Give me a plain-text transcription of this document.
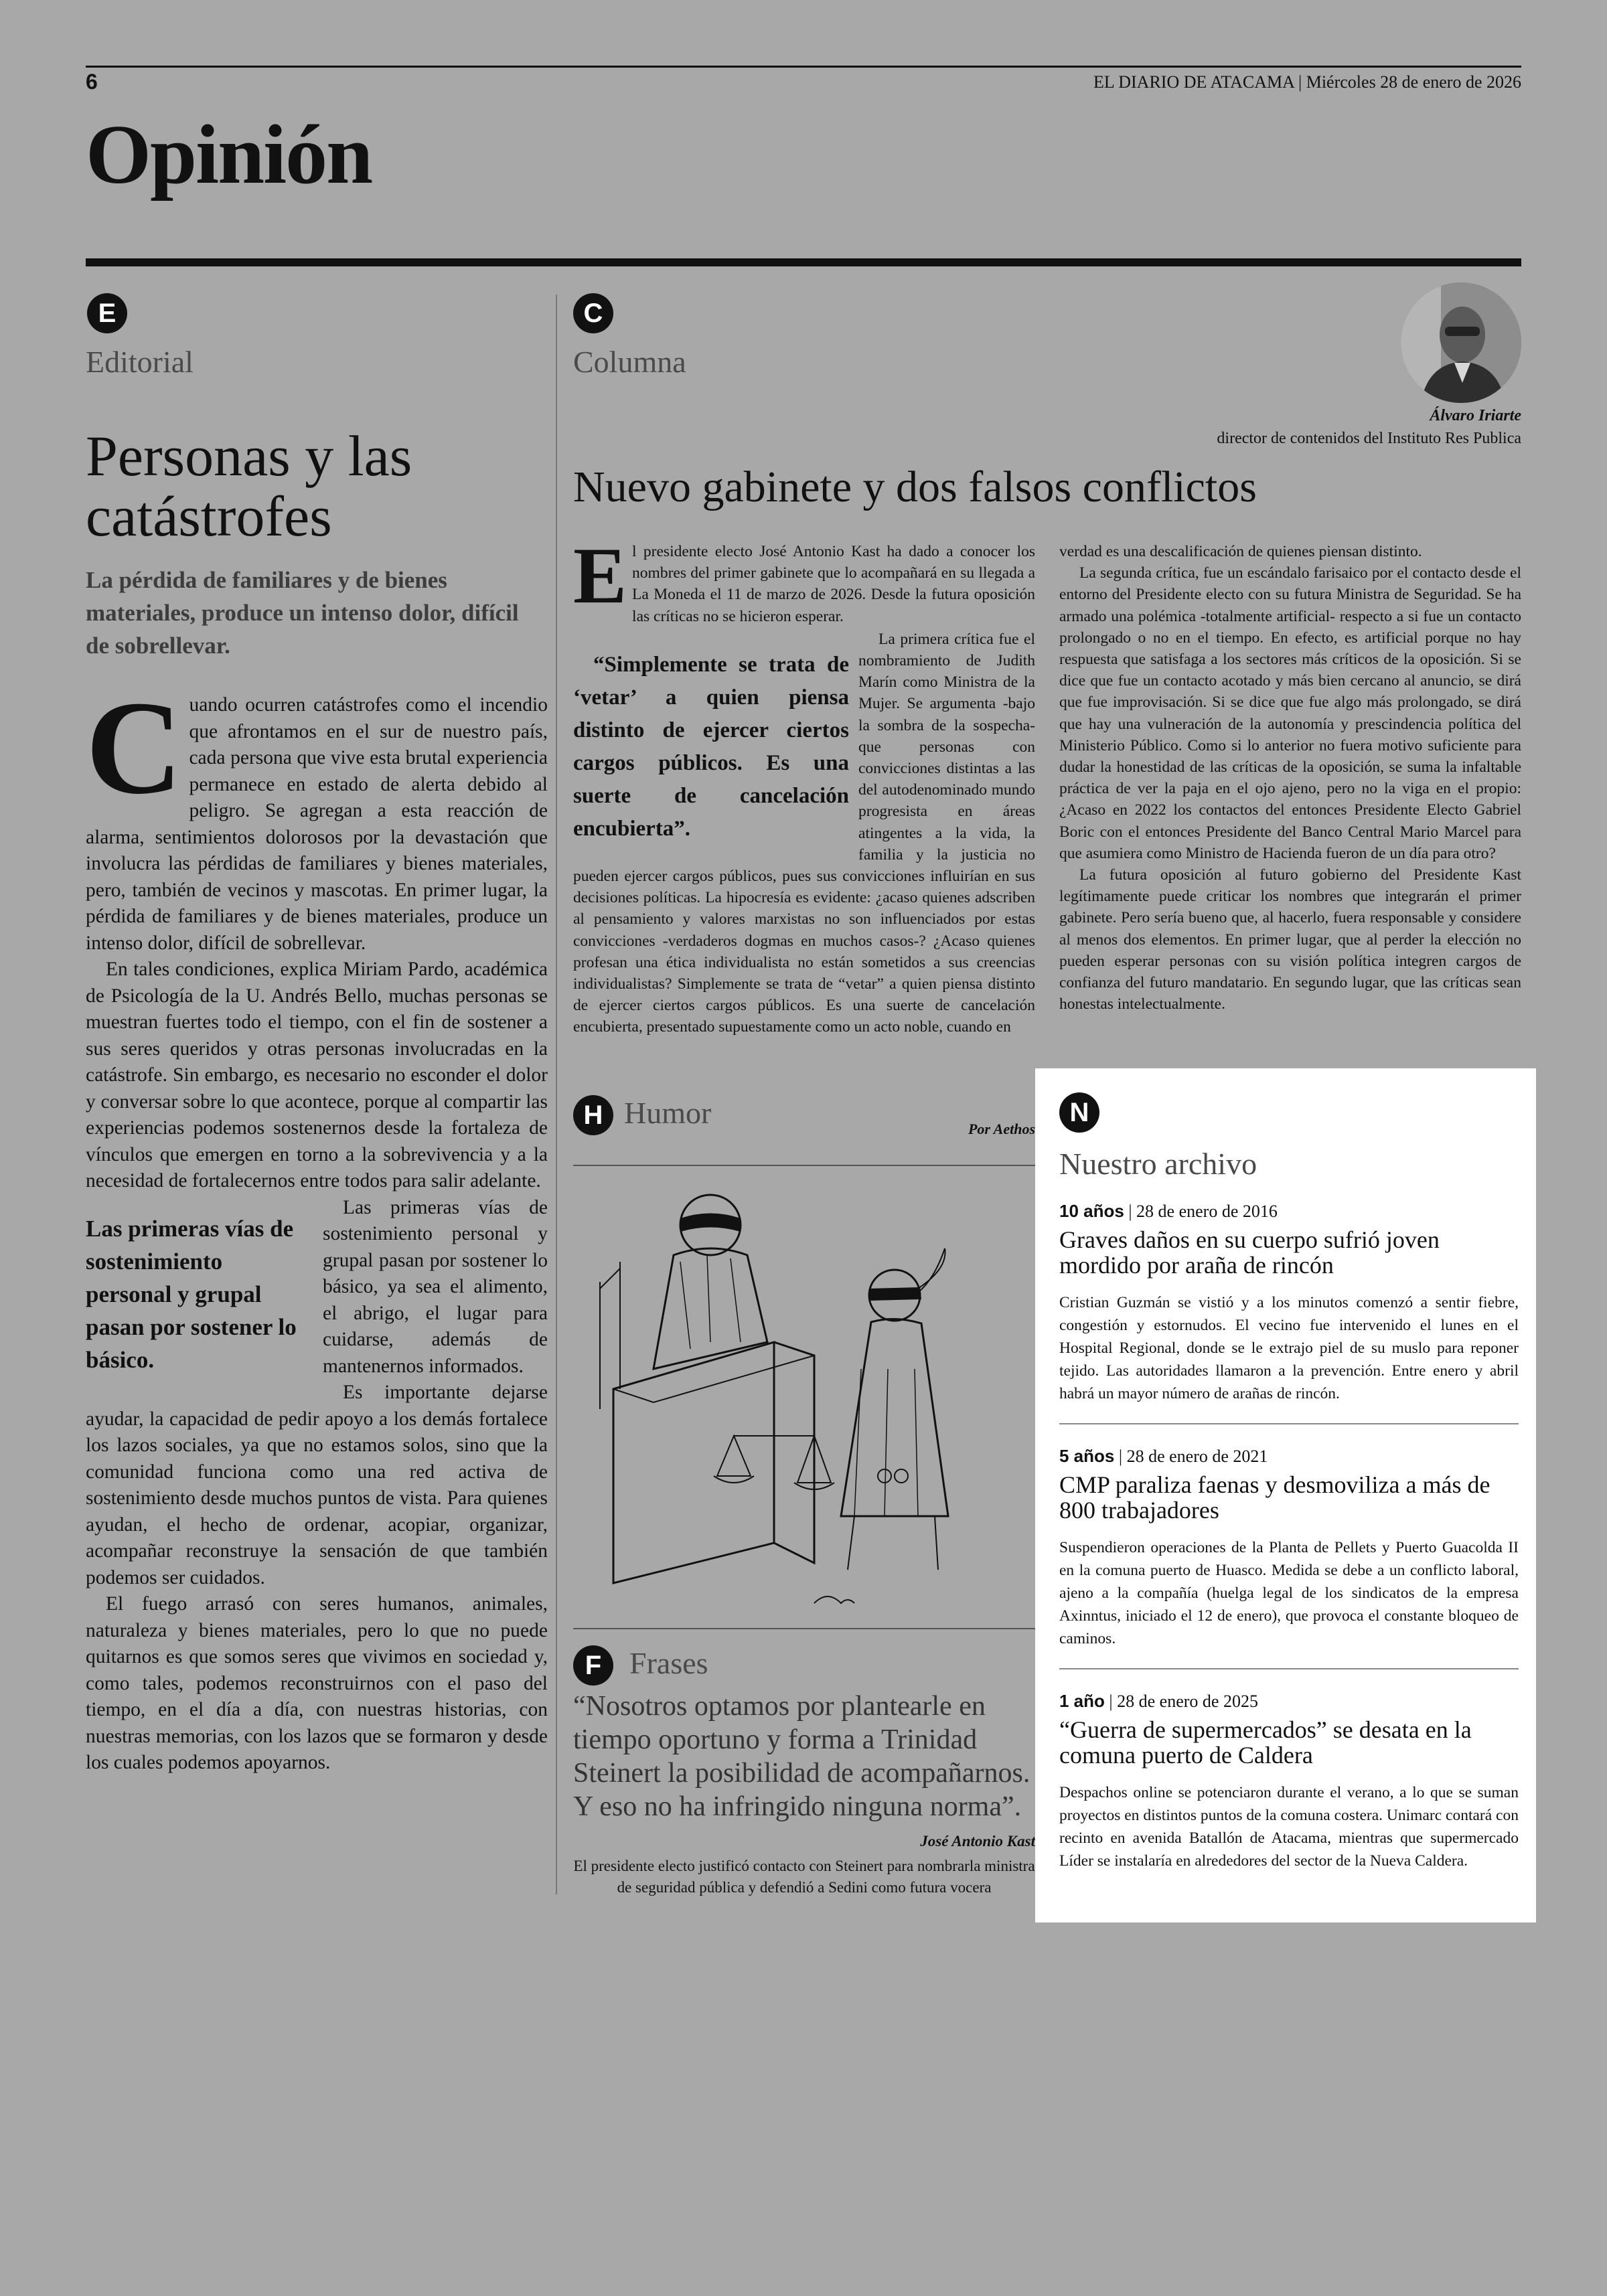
6	EL DIARIO DE ATACAMA | Miércoles 28 de enero de 2026
Opinión
E
Editorial
Personas y las catástrofes
La pérdida de familiares y de bienes materiales, produce un intenso dolor, difícil de sobrellevar.

Cuando ocurren catástrofes como el incendio que afrontamos en el sur de nuestro país, cada persona que vive esta brutal experiencia permanece en estado de alerta debido al peligro. Se agregan a esta reacción de alarma, sentimientos dolorosos por la devastación que involucra las pérdidas de familiares y bienes materiales, pero, también de vecinos y mascotas. En primer lugar, la pérdida de familiares y de bienes materiales, produce un intenso dolor, difícil de sobrellevar.

En tales condiciones, explica Miriam Pardo, académica de Psicología de la U. Andrés Bello, muchas personas se muestran fuertes todo el tiempo, con el fin de sostener a sus seres queridos y otras personas involucradas en la catástrofe. Sin embargo, es necesario no esconder el dolor y conversar sobre lo que acontece, porque al compartir las experiencias podemos sostenernos desde la fortaleza de vínculos que emergen en torno a la sobrevivencia y a la necesidad de fortalecernos entre todos para salir adelante.

Las primeras vías de sostenimiento personal y grupal pasan por sostener lo básico.

Las primeras vías de sostenimiento personal y grupal pasan por sostener lo básico, ya sea el alimento, el abrigo, el lugar para cuidarse, además de mantenernos informados.

Es importante dejarse ayudar, la capacidad de pedir apoyo a los demás fortalece los lazos sociales, ya que no estamos solos, sino que la comunidad funciona como una red activa de sostenimiento desde muchos puntos de vista. Para quienes ayudan, el hecho de ordenar, acopiar, organizar, acompañar reconstruye la sensación de que también podemos ser cuidados.

El fuego arrasó con seres humanos, animales, naturaleza y bienes materiales, pero lo que no puede quitarnos es que somos seres que vivimos en sociedad y, como tales, podemos reconstruirnos con el paso del tiempo, en el día a día, con nuestras historias, con nuestras memorias, con los lazos que se formaron y desde los cuales podemos apoyarnos.

C
Columna
Álvaro Iriarte
director de contenidos del Instituto Res Publica
Nuevo gabinete y dos falsos conflictos

El presidente electo José Antonio Kast ha dado a conocer los nombres del primer gabinete que lo acompañará en su llegada a La Moneda el 11 de marzo de 2026. Desde la futura oposición las críticas no se hicieron esperar.

“Simplemente se trata de ‘vetar’ a quien piensa distinto de ejercer ciertos cargos públicos. Es una suerte de cancelación encubierta”.
La primera crítica fue el nombramiento de Judith Marín como Ministra de la Mujer. Se argumenta -bajo la sombra de la sospecha- que personas con convicciones distintas a las del autodenominado mundo progresista en áreas atingentes a la vida, la familia y la justicia no pueden ejercer cargos públicos, pues sus convicciones influirían en sus decisiones políticas. La hipocresía es evidente: ¿acaso quienes adscriben al pensamiento y valores marxistas no son influenciados por estas convicciones -verdaderos dogmas en muchos casos-? ¿Acaso quienes profesan una ética individualista no están sometidos a sus creencias individualistas? Simplemente se trata de “vetar” a quien piensa distinto de ejercer ciertos cargos públicos. Es una suerte de cancelación encubierta, presentado supuestamente como un acto noble, cuando en

verdad es una descalificación de quienes piensan distinto.

La segunda crítica, fue un escándalo farisaico por el contacto desde el entorno del Presidente electo con su futura Ministra de Seguridad. Se ha armado una polémica -totalmente artificial- respecto a si fue un contacto prolongado o no en el tiempo. En efecto, es artificial porque no hay respuesta que satisfaga a los sectores más críticos de la oposición. Si se dice que fue un contacto acotado y más bien cercano al anuncio, se dirá que fue improvisación. Si se dice que fue algo más prolongado, se dirá que hay una vulneración de la autonomía y prescindencia política del Ministerio Público. Como si lo anterior no fuera motivo suficiente para dudar la honestidad de las críticas de la oposición, se suma la infaltable práctica de ver la paja en el ojo ajeno, pero no la viga en el propio: ¿Acaso en 2022 los contactos del entonces Presidente Electo Gabriel Boric con el entonces Presidente del Banco Central Mario Marcel para que asumiera como Ministro de Hacienda fueron de un día para otro?

La futura oposición al futuro gobierno del Presidente Kast legítimamente puede criticar los nombres que integrarán el primer gabinete. Pero sería bueno que, al hacerlo, fuera responsable y considere al menos dos elementos. En primer lugar, que al perder la elección no pueden esperar personas con su visión política integren cargos de confianza del futuro mandatario. En segundo lugar, que las críticas sean honestas intelectualmente.

H Humor	Por Aethos
F Frases
“Nosotros optamos por plantearle en tiempo oportuno y forma a Trinidad Steinert la posibilidad de acompañarnos. Y eso no ha infringido ninguna norma”.
José Antonio Kast
El presidente electo justificó contacto con Steinert para nombrarla ministra de seguridad pública y defendió a Sedini como futura vocera
N
Nuestro archivo
10 años | 28 de enero de 2016
Graves daños en su cuerpo sufrió joven mordido por araña de rincón
Cristian Guzmán se vistió y a los minutos comenzó a sentir fiebre, congestión y estornudos. El vecino fue intervenido el lunes en el Hospital Regional, donde se le extrajo piel de su muslo para reponer tejido. Las autoridades llamaron a la prevención. Entre enero y abril habrá un mayor número de arañas de rincón.
5 años | 28 de enero de 2021
CMP paraliza faenas y desmoviliza a más de 800 trabajadores
Suspendieron operaciones de la Planta de Pellets y Puerto Guacolda II en la comuna puerto de Huasco. Medida se debe a un conflicto laboral, ajeno a la compañía (huelga legal de los sindicatos de la empresa Axinntus, iniciado el 12 de enero), que provoca el constante bloqueo de caminos.
1 año | 28 de enero de 2025
“Guerra de supermercados” se desata en la comuna puerto de Caldera
Despachos online se potenciaron durante el verano, a lo que se suman proyectos en distintos puntos de la comuna costera. Unimarc contará con recinto en avenida Batallón de Atacama, mientras que supermercado Líder se instalaría en alrededores del sector de la Nueva Caldera.
